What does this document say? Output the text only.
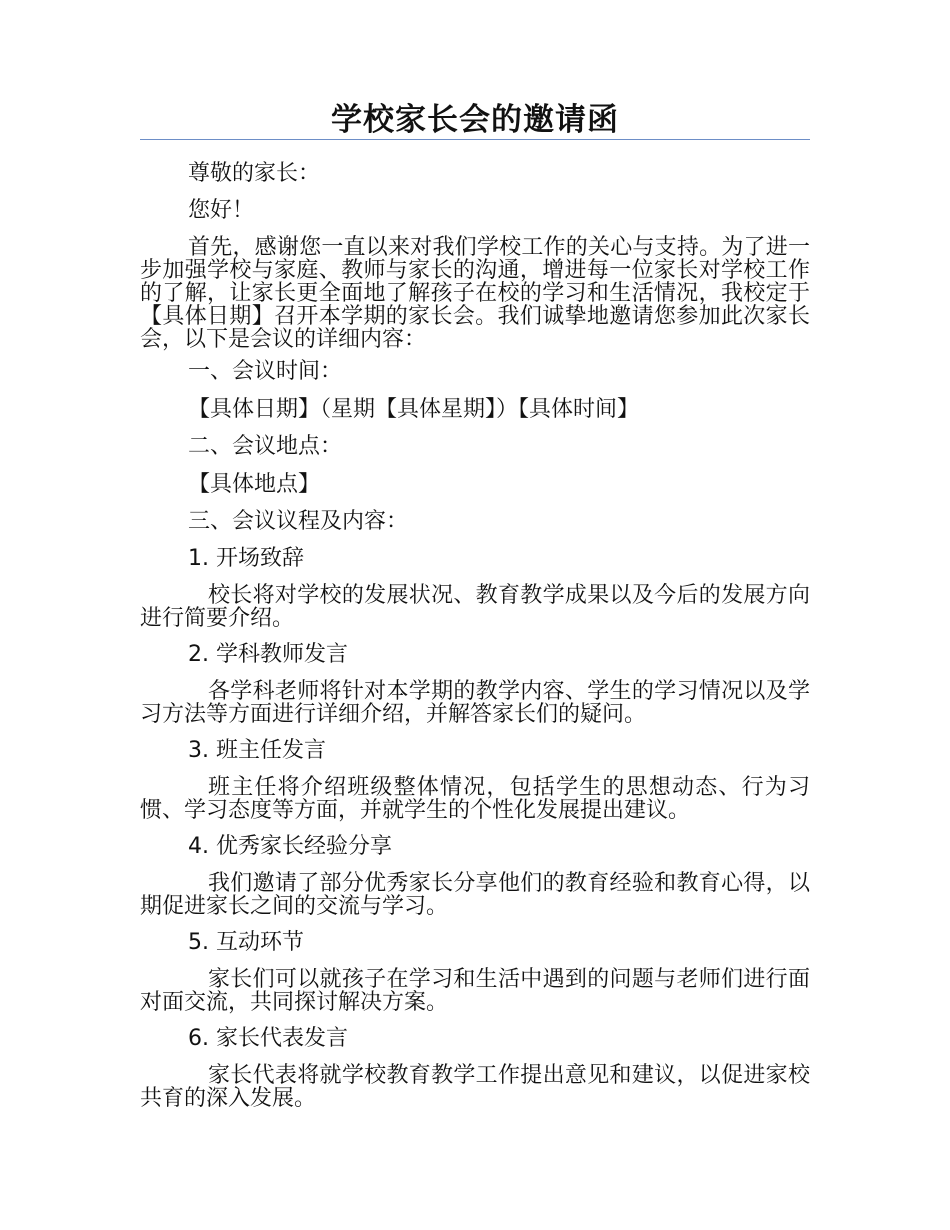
学校家长会的邀请函

尊敬的家长：

您好！

首先，感谢您一直以来对我们学校工作的关心与支持。为了进一步加强学校与家庭、教师与家长的沟通，增进每一位家长对学校工作的了解，让家长更全面地了解孩子在校的学习和生活情况，我校定于【具体日期】召开本学期的家长会。我们诚挚地邀请您参加此次家长会，以下是会议的详细内容：

一、会议时间：

【具体日期】（星期【具体星期】）【具体时间】

二、会议地点：

【具体地点】

三、会议议程及内容：

1. 开场致辞

校长将对学校的发展状况、教育教学成果以及今后的发展方向进行简要介绍。

2. 学科教师发言

各学科老师将针对本学期的教学内容、学生的学习情况以及学习方法等方面进行详细介绍，并解答家长们的疑问。

3. 班主任发言

班主任将介绍班级整体情况，包括学生的思想动态、行为习惯、学习态度等方面，并就学生的个性化发展提出建议。

4. 优秀家长经验分享

我们邀请了部分优秀家长分享他们的教育经验和教育心得，以期促进家长之间的交流与学习。

5. 互动环节

家长们可以就孩子在学习和生活中遇到的问题与老师们进行面对面交流，共同探讨解决方案。

6. 家长代表发言

家长代表将就学校教育教学工作提出意见和建议，以促进家校共育的深入发展。
